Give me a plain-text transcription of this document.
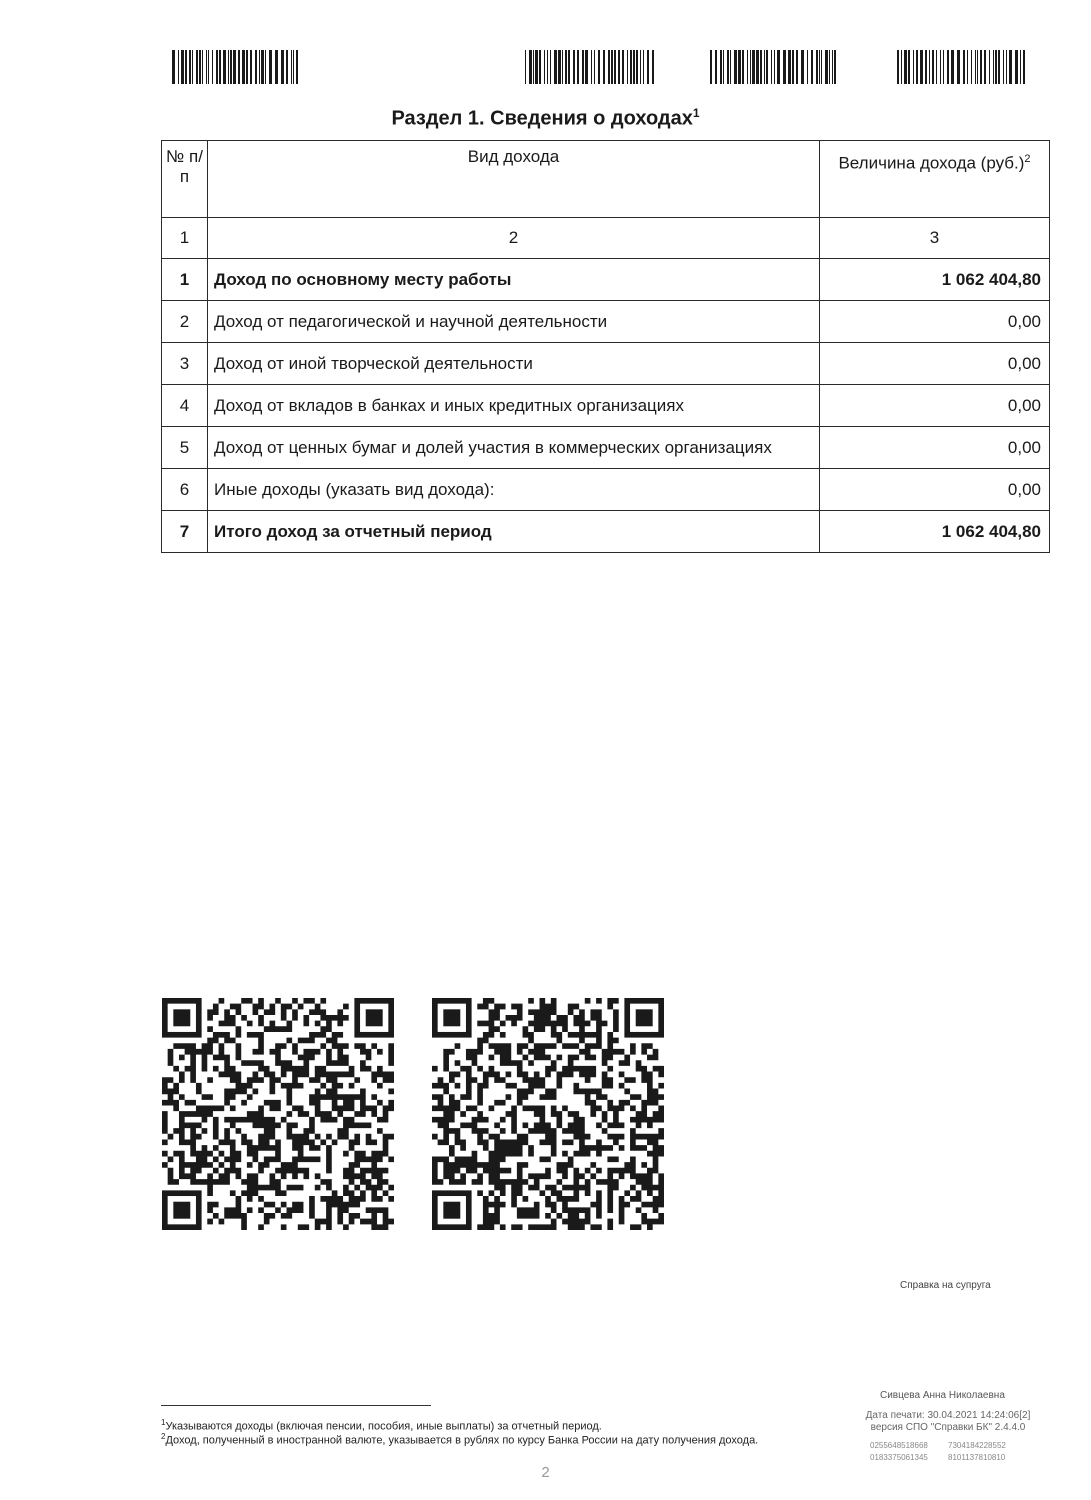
Раздел 1. Сведения о доходах$^1$
№ п/п	Вид дохода	Величина дохода $(руб.)^2$
1	2	3
1	Доход по основному месту работы	1 062 404,80
2	Доход от педагогической и научной деятельности	0,00
3	Доход от иной творческой деятельности	0,00
4	Доход от вкладов в банках и иных кредитных организациях	0,00
5	Доход от ценных бумаг и долей участия в коммерческих организациях	0,00
6	Иные доходы (указать вид дохода):	0,00
7	Итого доход за отчетный период	1 062 404,80
Справка на супруга
$^1$Указываются доходы (включая пенсии, пособия, иные выплаты) за отчетный период.
$^2$Доход, полученный в иностранной валюте, указывается в рублях по курсу Банка России на дату получения дохода.
Сивцева Анна Николаевна
Дата печати: 30.04.2021 14:24:06[2]
версия СПО "Справки БК" 2.4.4.0
0255648518668	7304184228552
0183375061345	8101137810810
2
